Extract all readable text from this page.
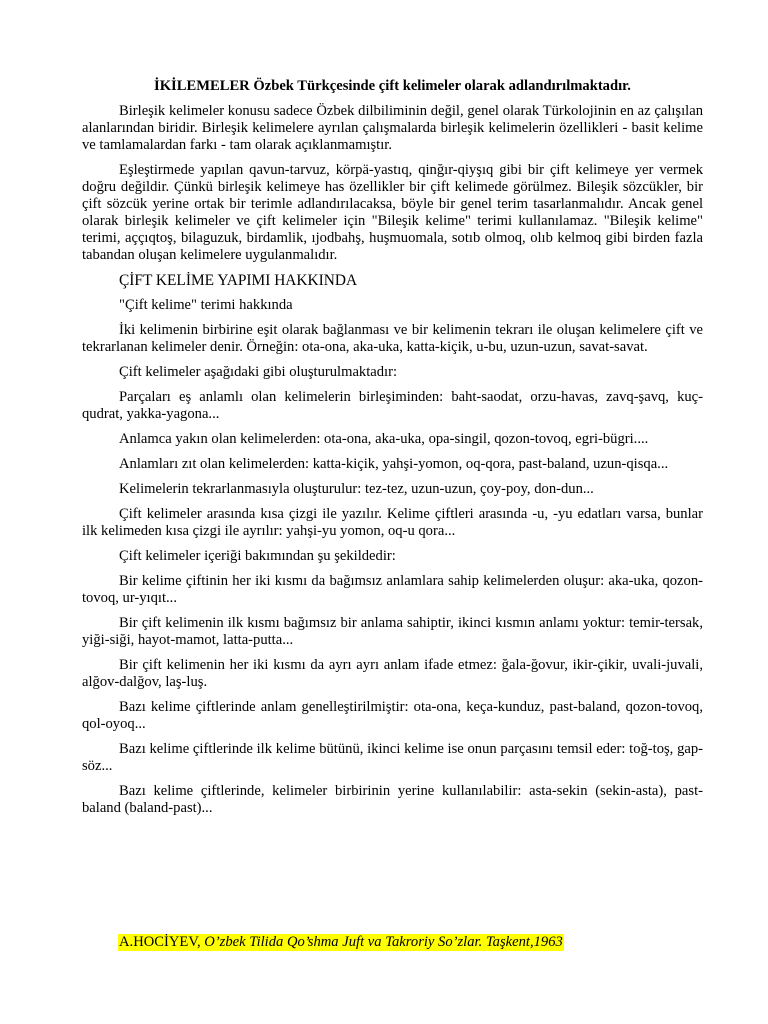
İKİLEMELER Özbek Türkçesinde çift kelimeler olarak adlandırılmaktadır.

Birleşik kelimeler konusu sadece Özbek dilbiliminin değil, genel olarak Türkolojinin en az çalışılan alanlarından biridir. Birleşik kelimelere ayrılan çalışmalarda birleşik kelimelerin özellikleri - basit kelime ve tamlamalardan farkı - tam olarak açıklanmamıştır.

Eşleştirmede yapılan qavun-tarvuz, körpä-yastıq, qinğır-qiyşıq gibi bir çift kelimeye yer vermek doğru değildir. Çünkü birleşik kelimeye has özellikler bir çift kelimede görülmez. Bileşik sözcükler, bir çift sözcük yerine ortak bir terimle adlandırılacaksa, böyle bir genel terim tasarlanmalıdır. Ancak genel olarak birleşik kelimeler ve çift kelimeler için "Bileşik kelime" terimi kullanılamaz. "Bileşik kelime" terimi, aççıqtoş, bilaguzuk, birdamlik, ıjodbahş, huşmuomala, sotıb olmoq, olıb kelmoq gibi birden fazla tabandan oluşan kelimelere uygulanmalıdır.

ÇİFT KELİME YAPIMI HAKKINDA

"Çift kelime" terimi hakkında

İki kelimenin birbirine eşit olarak bağlanması ve bir kelimenin tekrarı ile oluşan kelimelere çift ve tekrarlanan kelimeler denir. Örneğin: ota-ona, aka-uka, katta-kiçik, u-bu, uzun-uzun, savat-savat.

Çift kelimeler aşağıdaki gibi oluşturulmaktadır:

Parçaları eş anlamlı olan kelimelerin birleşiminden: baht-saodat, orzu-havas, zavq-şavq, kuç-qudrat, yakka-yagona...

Anlamca yakın olan kelimelerden: ota-ona, aka-uka, opa-singil, qozon-tovoq, egri-bügri....

Anlamları zıt olan kelimelerden: katta-kiçik, yahşi-yomon, oq-qora, past-baland, uzun-qisqa...

Kelimelerin tekrarlanmasıyla oluşturulur: tez-tez, uzun-uzun, çoy-poy, don-dun...

Çift kelimeler arasında kısa çizgi ile yazılır. Kelime çiftleri arasında -u, -yu edatları varsa, bunlar ilk kelimeden kısa çizgi ile ayrılır: yahşi-yu yomon, oq-u qora...

Çift kelimeler içeriği bakımından şu şekildedir:

Bir kelime çiftinin her iki kısmı da bağımsız anlamlara sahip kelimelerden oluşur: aka-uka, qozon-tovoq, ur-yıqıt...

Bir çift kelimenin ilk kısmı bağımsız bir anlama sahiptir, ikinci kısmın anlamı yoktur: temir-tersak, yiği-siği, hayot-mamot, latta-putta...

Bir çift kelimenin her iki kısmı da ayrı ayrı anlam ifade etmez: ğala-ğovur, ikir-çikir, uvali-juvali, alğov-dalğov, laş-luş.

Bazı kelime çiftlerinde anlam genelleştirilmiştir: ota-ona, keça-kunduz, past-baland, qozon-tovoq, qol-oyoq...

Bazı kelime çiftlerinde ilk kelime bütünü, ikinci kelime ise onun parçasını temsil eder: toğ-toş, gap-söz...

Bazı kelime çiftlerinde, kelimeler birbirinin yerine kullanılabilir: asta-sekin (sekin-asta), past-baland (baland-past)...

A.HOCİYEV, O’zbek Tilida Qo’shma Juft va Takroriy So’zlar. Taşkent,1963
